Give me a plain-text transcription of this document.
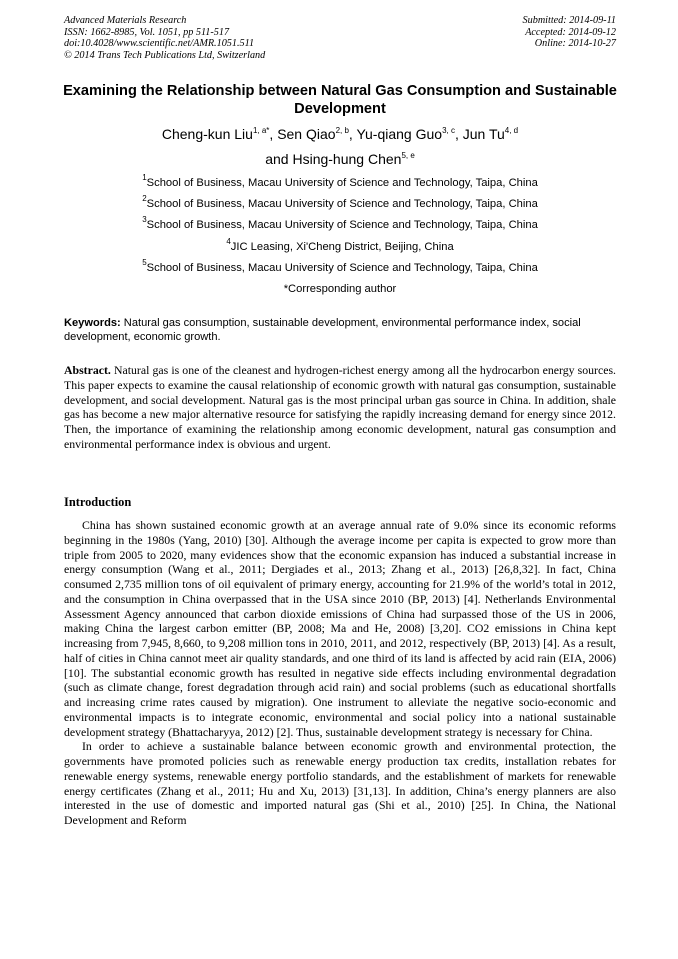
Advanced Materials Research
ISSN: 1662-8985, Vol. 1051, pp 511-517
doi:10.4028/www.scientific.net/AMR.1051.511
© 2014 Trans Tech Publications Ltd, Switzerland
Submitted: 2014-09-11
Accepted: 2014-09-12
Online: 2014-10-27
Examining the Relationship between Natural Gas Consumption and Sustainable Development
Cheng-kun Liu$^{1, a*}$, Sen Qiao$^{2, b}$, Yu-qiang Guo$^{3, c}$, Jun Tu$^{4, d}$
and Hsing-hung Chen$^{5, e}$
$^1$School of Business, Macau University of Science and Technology, Taipa, China
$^2$School of Business, Macau University of Science and Technology, Taipa, China
$^3$School of Business, Macau University of Science and Technology, Taipa, China
$^4$JIC Leasing, Xi'Cheng District, Beijing, China
$^5$School of Business, Macau University of Science and Technology, Taipa, China
*Corresponding author
Keywords: Natural gas consumption, sustainable development, environmental performance index, social development, economic growth.
Abstract. Natural gas is one of the cleanest and hydrogen-richest energy among all the hydrocarbon energy sources. This paper expects to examine the causal relationship of economic growth with natural gas consumption, sustainable development, and social development. Natural gas is the most principal urban gas source in China. In addition, shale gas has become a new major alternative resource for satisfying the rapidly increasing demand for energy since 2012. Then, the importance of examining the relationship among economic development, natural gas consumption and environmental performance index is obvious and urgent.
Introduction

China has shown sustained economic growth at an average annual rate of 9.0% since its economic reforms beginning in the 1980s (Yang, 2010) [30]. Although the average income per capita is expected to grow more than triple from 2005 to 2020, many evidences show that the economic expansion has induced a substantial increase in energy consumption (Wang et al., 2011; Dergiades et al., 2013; Zhang et al., 2013) [26,8,32]. In fact, China consumed 2,735 million tons of oil equivalent of primary energy, accounting for 21.9% of the world’s total in 2012, and the consumption in China overpassed that in the USA since 2010 (BP, 2013) [4]. Netherlands Environmental Assessment Agency announced that carbon dioxide emissions of China had surpassed those of the US in 2006, making China the largest carbon emitter (BP, 2008; Ma and He, 2008) [3,20]. CO2 emissions in China kept increasing from 7,945, 8,660, to 9,208 million tons in 2010, 2011, and 2012, respectively (BP, 2013) [4]. As a result, half of cities in China cannot meet air quality standards, and one third of its land is affected by acid rain (EIA, 2006) [10]. The substantial economic growth has resulted in negative side effects including environmental degradation (such as climate change, forest degradation through acid rain) and social problems (such as educational shortfalls and increasing crime rates caused by migration). One instrument to alleviate the negative socio-economic and environmental impacts is to integrate economic, environmental and social policy into a national sustainable development strategy (Bhattacharyya, 2012) [2]. Thus, sustainable development strategy is necessary for China.

In order to achieve a sustainable balance between economic growth and environmental protection, the governments have promoted policies such as renewable energy production tax credits, installation rebates for renewable energy systems, renewable energy portfolio standards, and the establishment of markets for renewable energy certificates (Zhang et al., 2011; Hu and Xu, 2013) [31,13]. In addition, China’s energy planners are also interested in the use of domestic and imported natural gas (Shi et al., 2010) [25]. In China, the National Development and Reform
